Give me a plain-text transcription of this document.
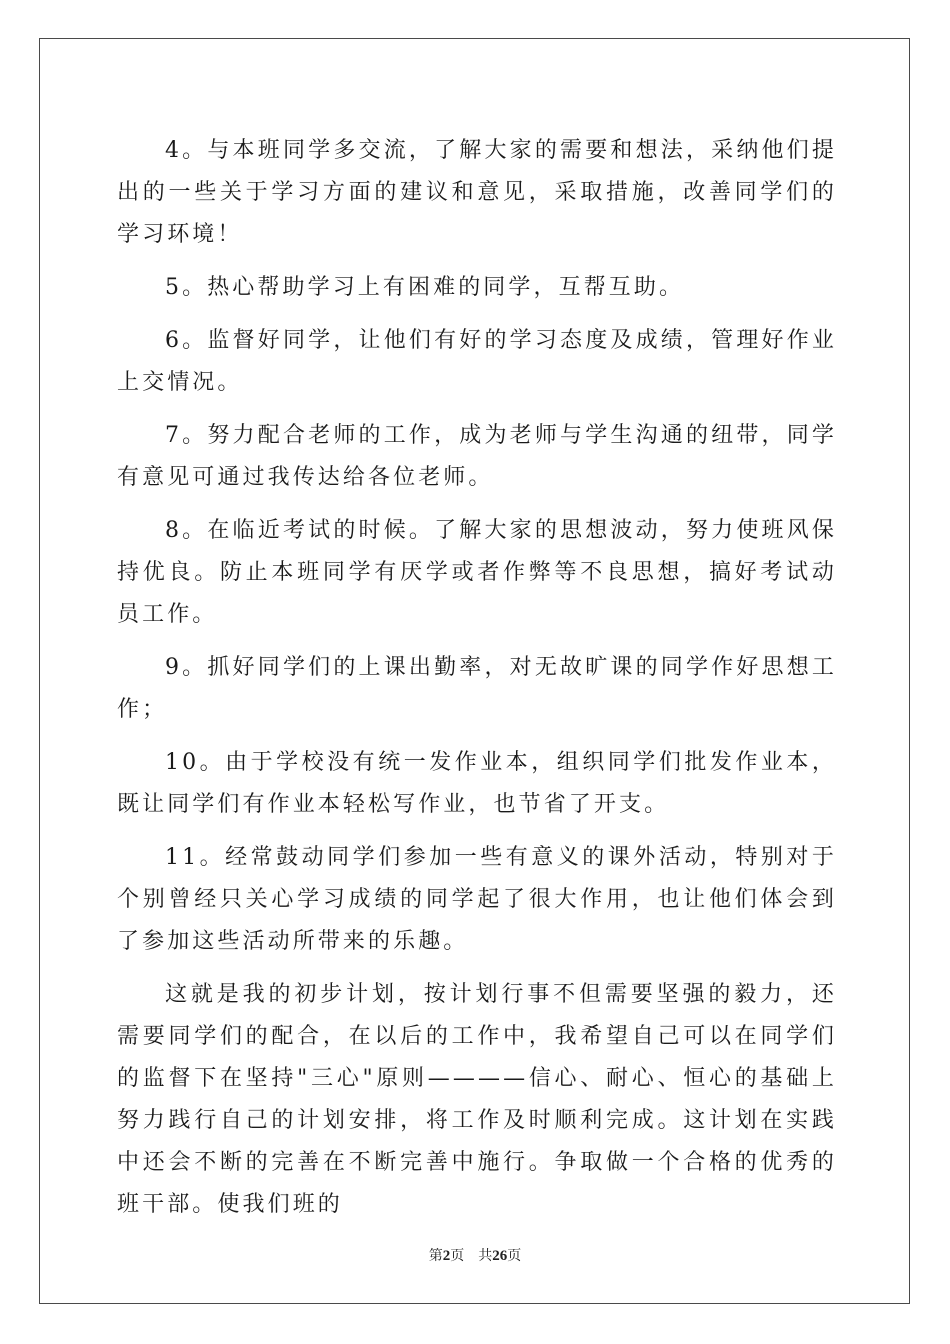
4。与本班同学多交流，了解大家的需要和想法，采纳他们提出的一些关于学习方面的建议和意见，采取措施，改善同学们的学习环境！

5。热心帮助学习上有困难的同学，互帮互助。

6。监督好同学，让他们有好的学习态度及成绩，管理好作业上交情况。

7。努力配合老师的工作，成为老师与学生沟通的纽带，同学有意见可通过我传达给各位老师。

8。在临近考试的时候。了解大家的思想波动，努力使班风保持优良。防止本班同学有厌学或者作弊等不良思想，搞好考试动员工作。

9。抓好同学们的上课出勤率，对无故旷课的同学作好思想工作；

10。由于学校没有统一发作业本，组织同学们批发作业本，既让同学们有作业本轻松写作业，也节省了开支。

11。经常鼓动同学们参加一些有意义的课外活动，特别对于个别曾经只关心学习成绩的同学起了很大作用，也让他们体会到了参加这些活动所带来的乐趣。

这就是我的初步计划，按计划行事不但需要坚强的毅力，还需要同学们的配合，在以后的工作中，我希望自己可以在同学们的监督下在坚持"三心"原则————信心、耐心、恒心的基础上努力践行自己的计划安排，将工作及时顺利完成。这计划在实践中还会不断的完善在不断完善中施行。争取做一个合格的优秀的班干部。使我们班的

第2页 共26页
